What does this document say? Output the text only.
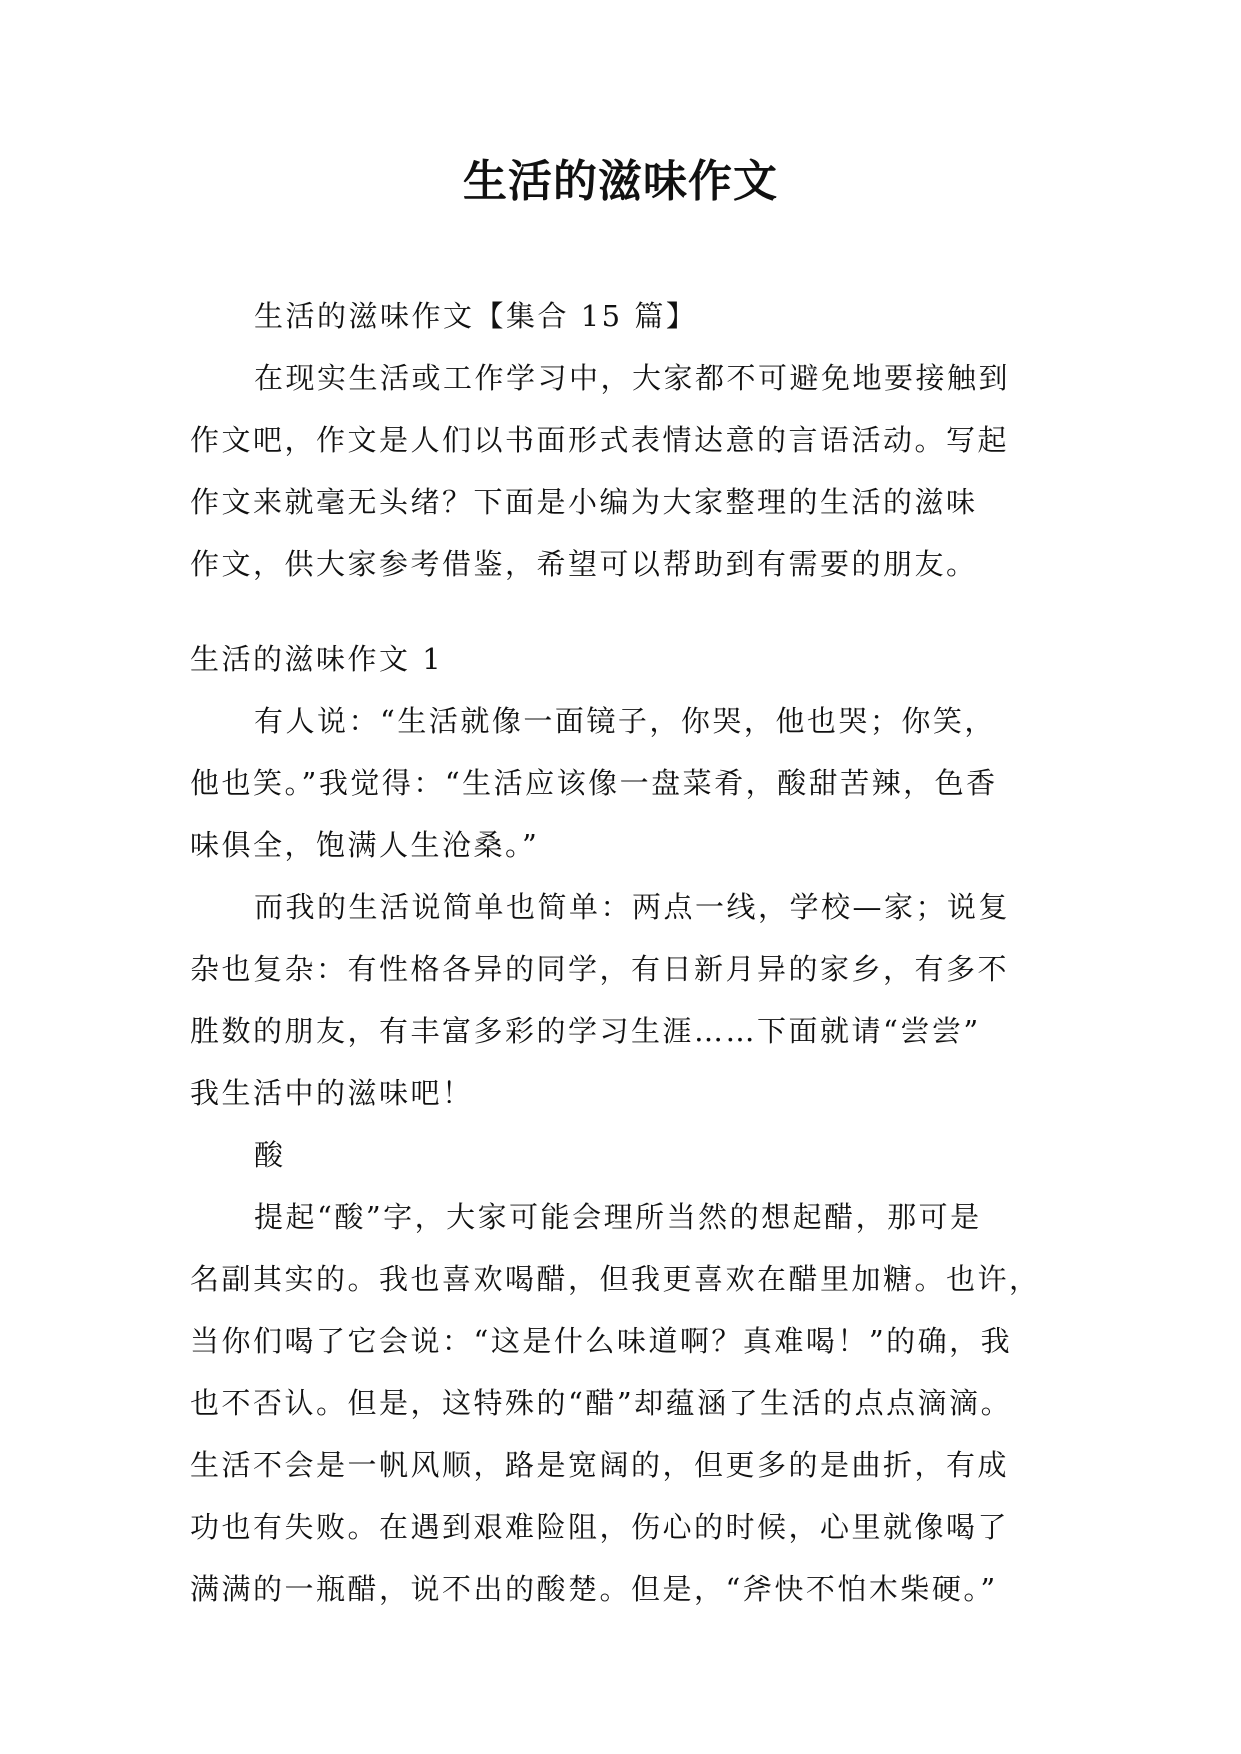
生活的滋味作文
生活的滋味作文【集合 15 篇】
在现实生活或工作学习中，大家都不可避免地要接触到
作文吧，作文是人们以书面形式表情达意的言语活动。写起
作文来就毫无头绪？下面是小编为大家整理的生活的滋味
作文，供大家参考借鉴，希望可以帮助到有需要的朋友。
生活的滋味作文 1
有人说：“生活就像一面镜子，你哭，他也哭；你笑，
他也笑。”我觉得：“生活应该像一盘菜肴，酸甜苦辣，色香
味俱全，饱满人生沧桑。”
而我的生活说简单也简单：两点一线，学校—家；说复
杂也复杂：有性格各异的同学，有日新月异的家乡，有多不
胜数的朋友，有丰富多彩的学习生涯……下面就请“尝尝”
我生活中的滋味吧！
酸
提起“酸”字，大家可能会理所当然的想起醋，那可是
名副其实的。我也喜欢喝醋，但我更喜欢在醋里加糖。也许，
当你们喝了它会说：“这是什么味道啊？真难喝！”的确，我
也不否认。但是，这特殊的“醋”却蕴涵了生活的点点滴滴。
生活不会是一帆风顺，路是宽阔的，但更多的是曲折，有成
功也有失败。在遇到艰难险阻，伤心的时候，心里就像喝了
满满的一瓶醋，说不出的酸楚。但是，“斧快不怕木柴硬。”
